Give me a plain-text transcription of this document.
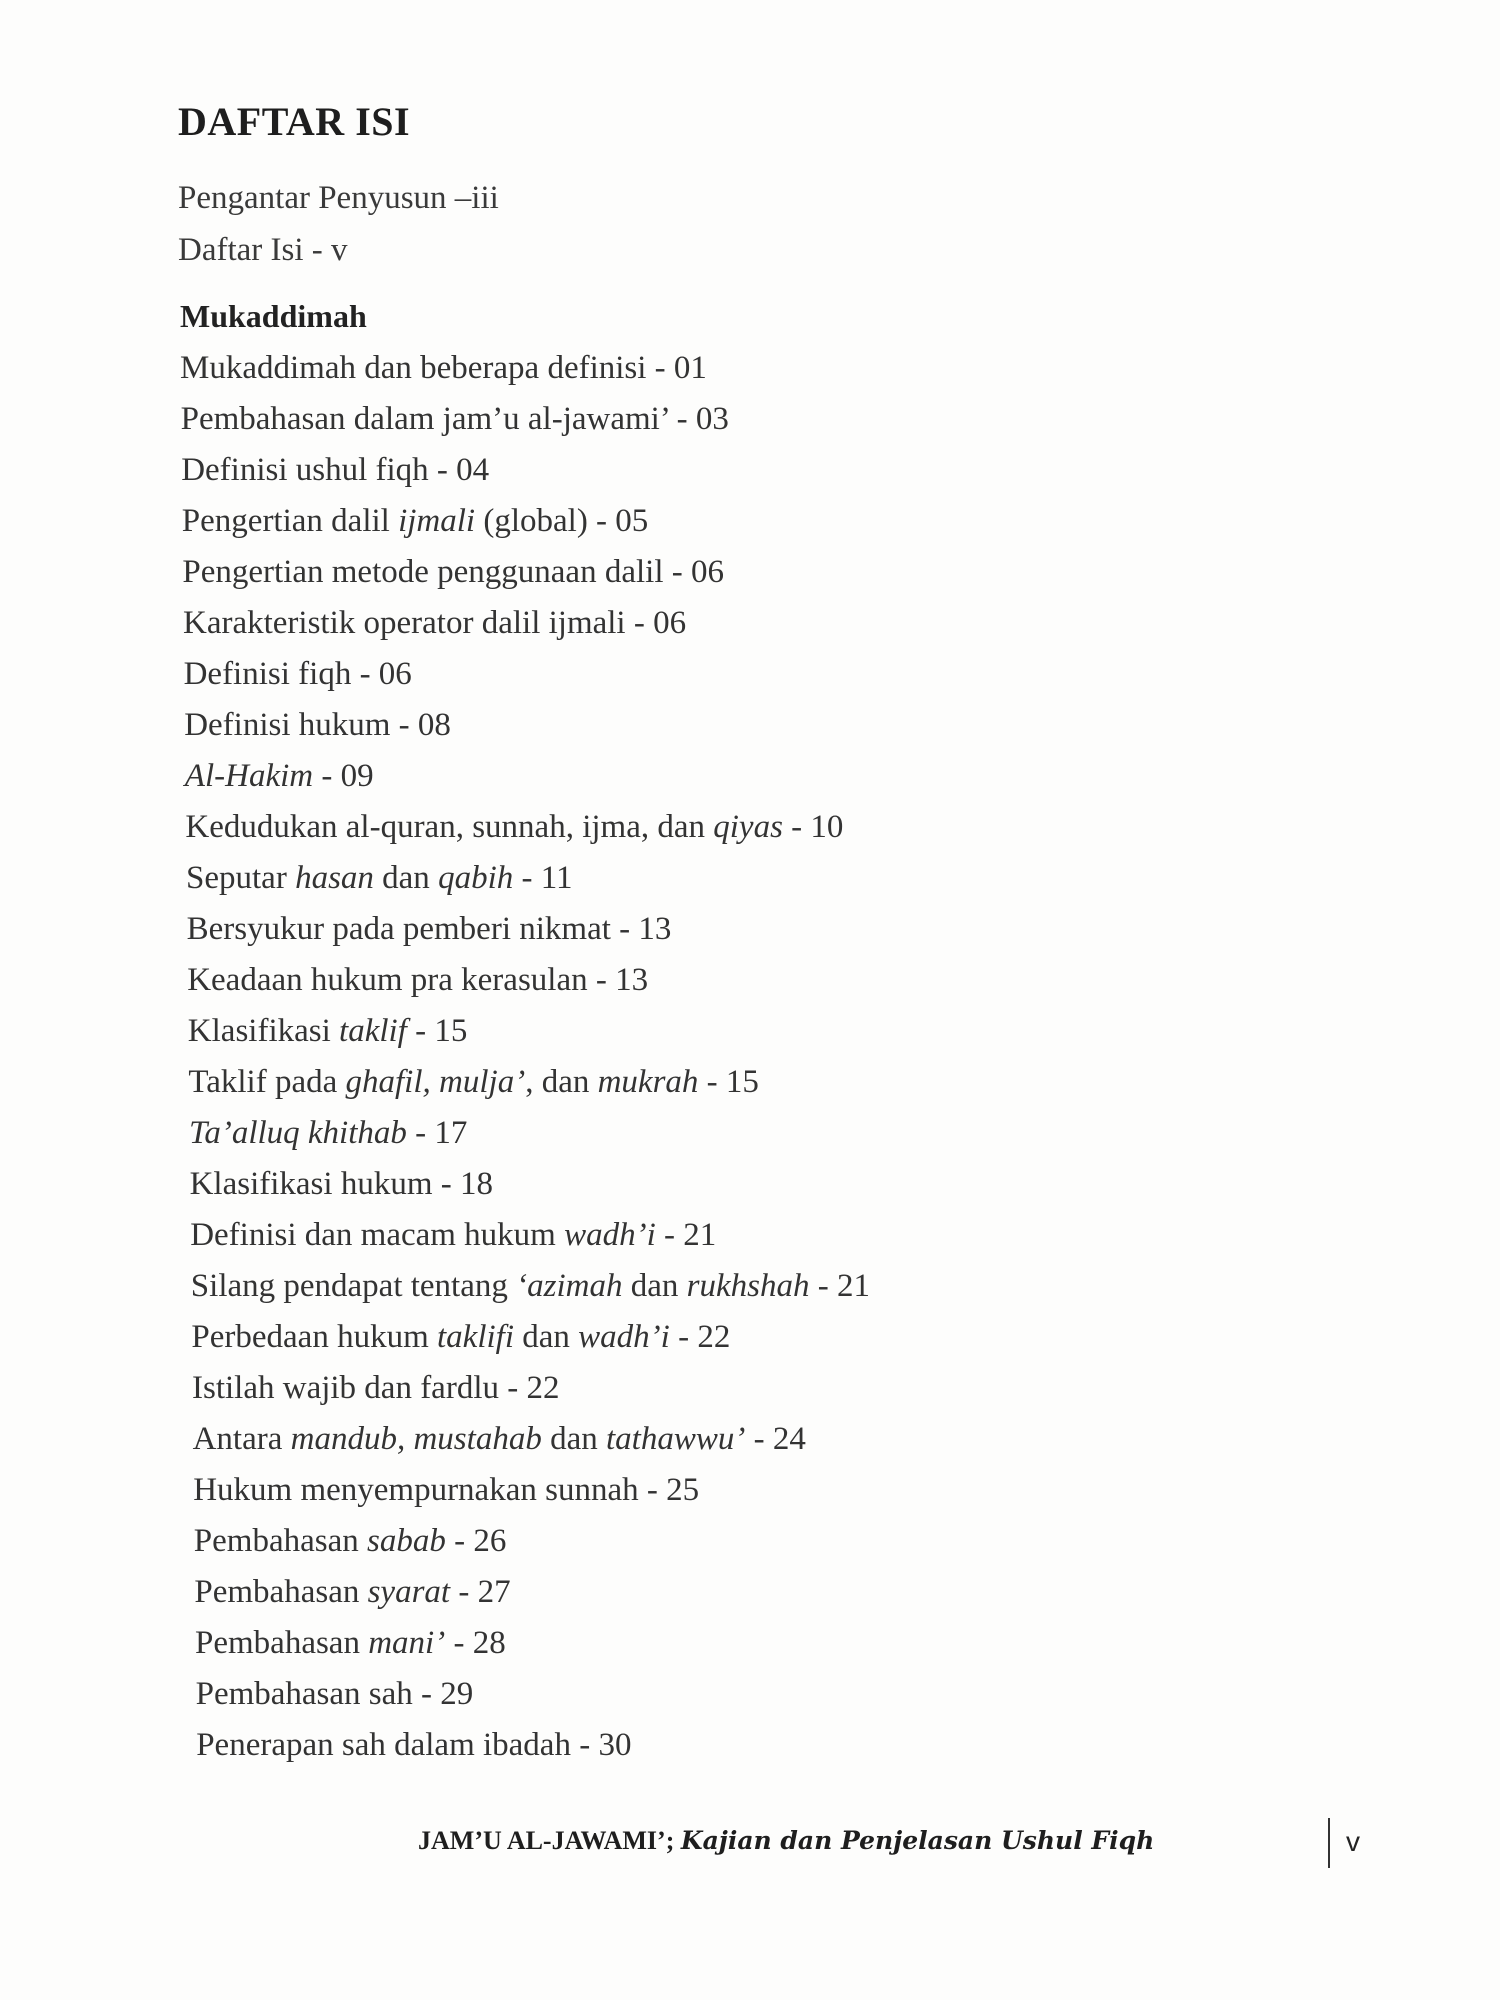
DAFTAR ISI
Pengantar Penyusun –iii
Daftar Isi - v
Mukaddimah
Mukaddimah dan beberapa definisi - 01
Pembahasan dalam jam’u al-jawami’ - 03
Definisi ushul fiqh - 04
Pengertian dalil ijmali (global) - 05
Pengertian metode penggunaan dalil - 06
Karakteristik operator dalil ijmali - 06
Definisi fiqh - 06
Definisi hukum - 08
Al-Hakim - 09
Kedudukan al-quran, sunnah, ijma, dan qiyas - 10
Seputar hasan dan qabih - 11
Bersyukur pada pemberi nikmat - 13
Keadaan hukum pra kerasulan - 13
Klasifikasi taklif - 15
Taklif pada ghafil, mulja’, dan mukrah - 15
Ta’alluq khithab - 17
Klasifikasi hukum - 18
Definisi dan macam hukum wadh’i - 21
Silang pendapat tentang ‘azimah dan rukhshah - 21
Perbedaan hukum taklifi dan wadh’i - 22
Istilah wajib dan fardlu - 22
Antara mandub, mustahab dan tathawwu’ - 24
Hukum menyempurnakan sunnah - 25
Pembahasan sabab - 26
Pembahasan syarat - 27
Pembahasan mani’ - 28
Pembahasan sah - 29
Penerapan sah dalam ibadah - 30
JAM’U AL-JAWAMI’; Kajian dan Penjelasan Ushul Fiqh	v
